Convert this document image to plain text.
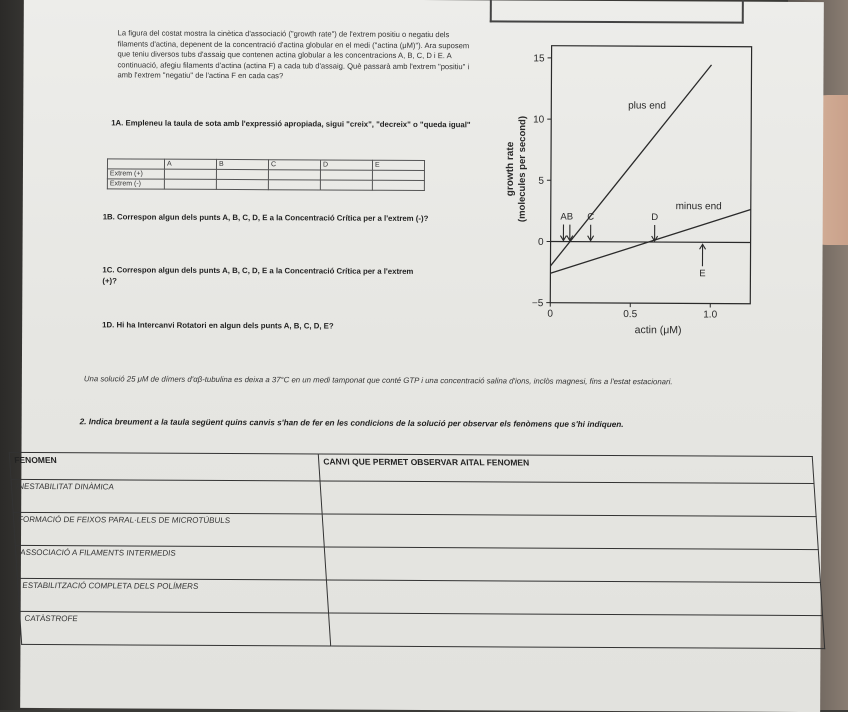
La figura del costat mostra la cinètica d'associació ("growth rate") de l'extrem positiu o negatiu dels filaments d'actina, depenent de la concentració d'actina globular en el medi ("actina (μM)"). Ara suposem que teniu diversos tubs d'assaig que contenen actina globular a les concentracions A, B, C, D i E. A continuació, afegiu filaments d'actina (actina F) a cada tub d'assaig. Què passarà amb l'extrem "positiu" i amb l'extrem "negatiu" de l'actina F en cada cas?
1A. Empleneu la taula de sota amb l'expressió apropiada, sigui "creix", "decreix" o "queda igual"
	A	B	C	D	E
Extrem (+)					
Extrem (-)					
1B. Correspon algun dels punts A, B, C, D, E a la Concentració Crítica per a l'extrem (-)?
1C. Correspon algun dels punts A, B, C, D, E a la Concentració Crítica per a l'extrem (+)?
1D. Hi ha Intercanvi Rotatori en algun dels punts A, B, C, D, E?
−5
0
5
10
15
0	0.5	1.0
actin (μM)
growth rate (molecules per second)
plus end
minus end
A B C	D
E
Una solució 25 μM de dímers d'αβ-tubulina es deixa a 37°C en un medi tamponat que conté GTP i una concentració salina d'ions, inclòs magnesi, fins a l'estat estacionari.
2. Indica breument a la taula següent quins canvis s'han de fer en les condicions de la solució per observar els fenòmens que s'hi indiquen.
FENOMEN	CANVI QUE PERMET OBSERVAR AITAL FENOMEN
INESTABILITAT DINÀMICA	
FORMACIÓ DE FEIXOS PARAL·LELS DE MICROTÚBULS	
ASSOCIACIÓ A FILAMENTS INTERMEDIS	
ESTABILITZACIÓ COMPLETA DELS POLÍMERS	
CATÀSTROFE	
